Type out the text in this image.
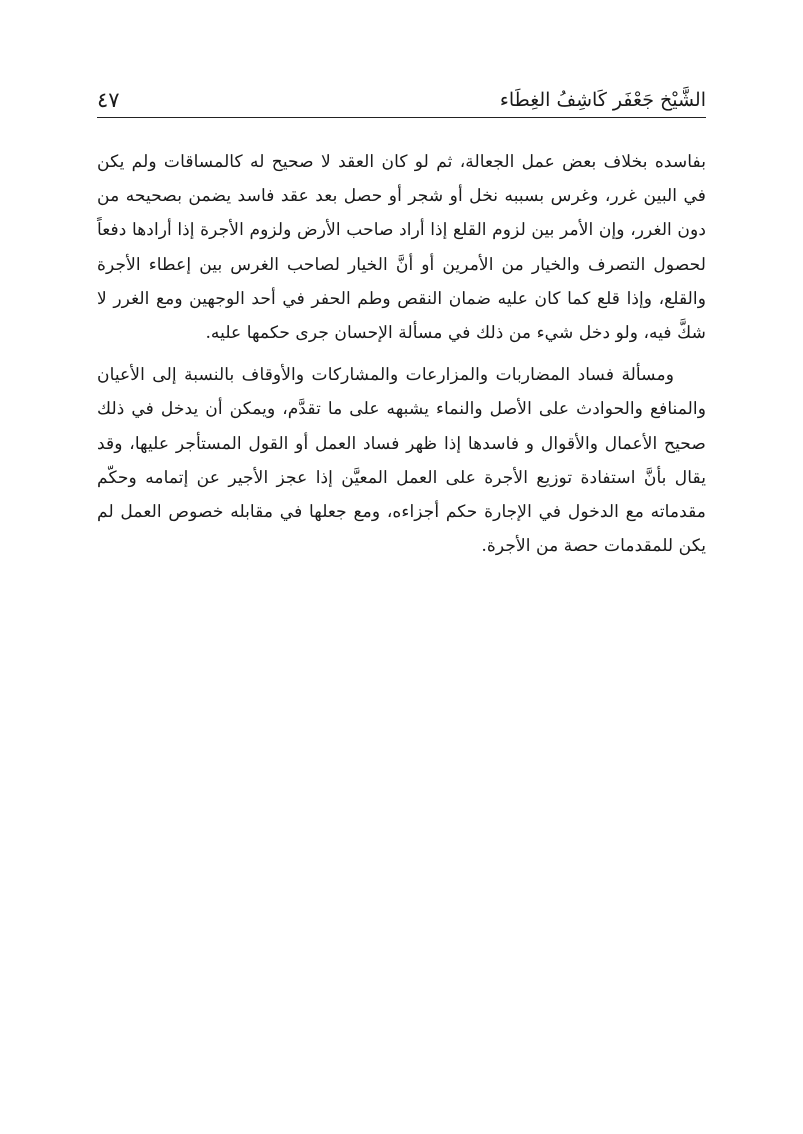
الشَّيْخ جَعْفَر كَاشِفُ الغِطَاء
٤٧

بفاسده بخلاف بعض عمل الجعالة، ثم لو كان العقد لا صحيح له كالمساقات ولم يكن في البين غرر، وغرس بسببه نخل أو شجر أو حصل بعد عقد فاسد يضمن بصحيحه من دون الغرر، وإن الأمر بين لزوم القلع إذا أراد صاحب الأرض ولزوم الأجرة إذا أرادها دفعاً لحصول التصرف والخيار من الأمرين أو أنَّ الخيار لصاحب الغرس بين إعطاء الأجرة والقلع، وإذا قلع كما كان عليه ضمان النقص وطم الحفر في أحد الوجهين ومع الغرر لا شكَّ فيه، ولو دخل شيء من ذلك في مسألة الإحسان جرى حكمها عليه.

ومسألة فساد المضاربات والمزارعات والمشاركات والأوقاف بالنسبة إلى الأعيان والمنافع والحوادث على الأصل والنماء يشبهه على ما تقدَّم، ويمكن أن يدخل في ذلك صحيح الأعمال والأقوال و فاسدها إذا ظهر فساد العمل أو القول المستأجر عليها، وقد يقال بأنَّ استفادة توزيع الأجرة على العمل المعيَّن إذا عجز الأجير عن إتمامه وحكّم مقدماته مع الدخول في الإجارة حكم أجزاءه، ومع جعلها في مقابله خصوص العمل لم يكن للمقدمات حصة من الأجرة.
